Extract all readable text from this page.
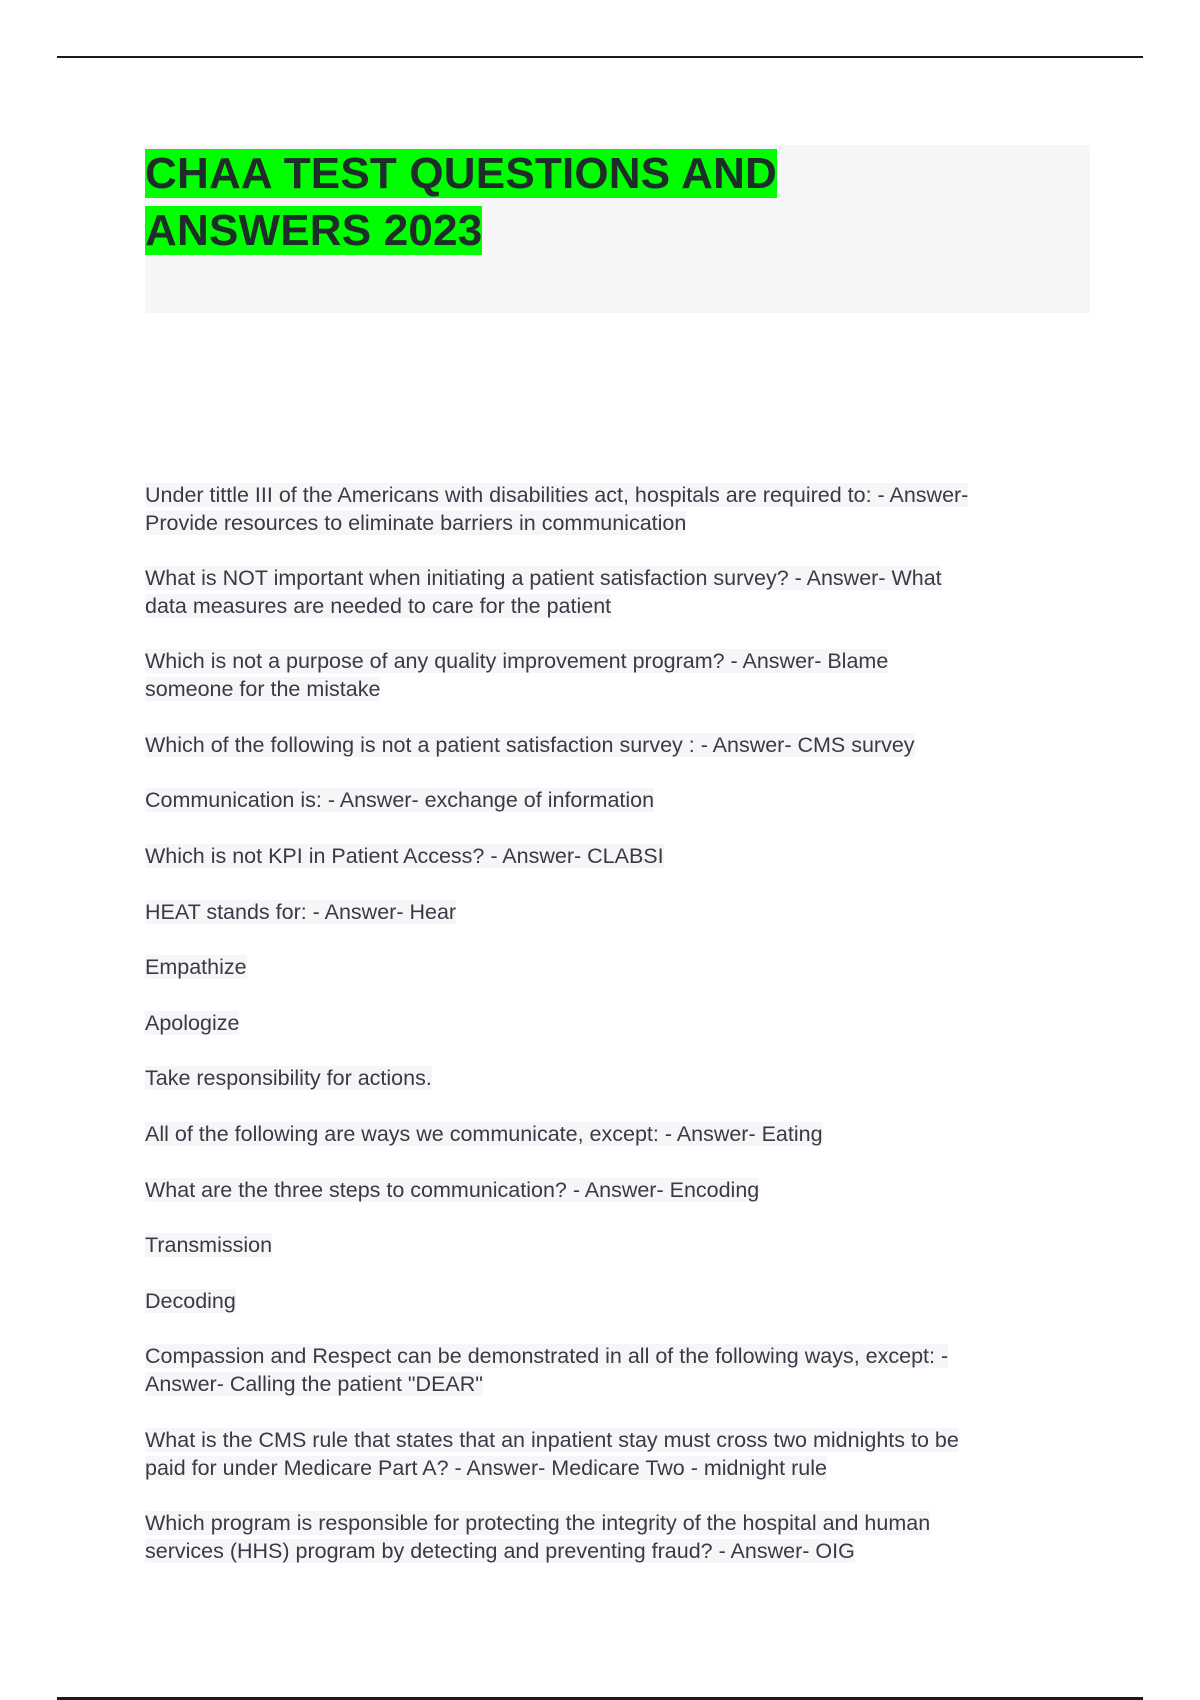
CHAA TEST QUESTIONS AND
ANSWERS 2023

Under tittle III of the Americans with disabilities act, hospitals are required to: - Answer-
Provide resources to eliminate barriers in communication

What is NOT important when initiating a patient satisfaction survey? - Answer- What
data measures are needed to care for the patient

Which is not a purpose of any quality improvement program? - Answer- Blame
someone for the mistake

Which of the following is not a patient satisfaction survey : - Answer- CMS survey

Communication is: - Answer- exchange of information

Which is not KPI in Patient Access? - Answer- CLABSI

HEAT stands for: - Answer- Hear

Empathize

Apologize

Take responsibility for actions.

All of the following are ways we communicate, except: - Answer- Eating

What are the three steps to communication? - Answer- Encoding

Transmission

Decoding

Compassion and Respect can be demonstrated in all of the following ways, except: -
Answer- Calling the patient "DEAR"

What is the CMS rule that states that an inpatient stay must cross two midnights to be
paid for under Medicare Part A? - Answer- Medicare Two - midnight rule

Which program is responsible for protecting the integrity of the hospital and human
services (HHS) program by detecting and preventing fraud? - Answer- OIG
